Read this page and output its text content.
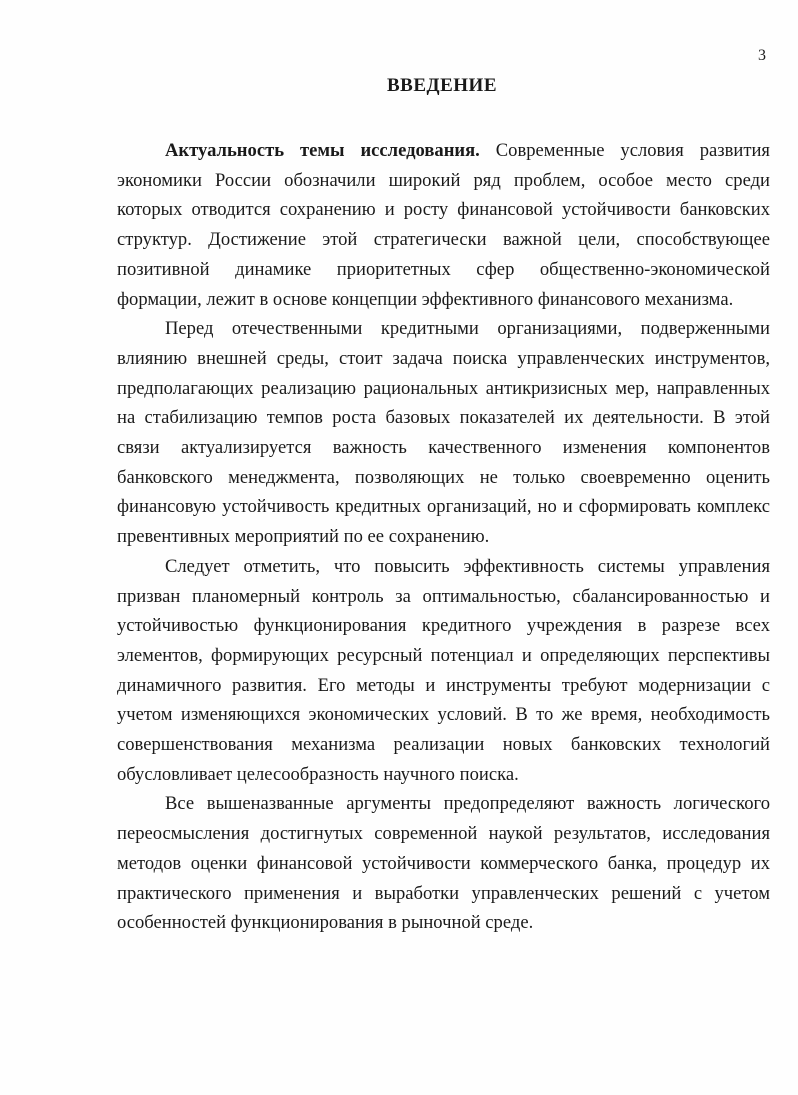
3
ВВЕДЕНИЕ

Актуальность темы исследования. Современные условия развития экономики России обозначили широкий ряд проблем, особое место среди которых отводится сохранению и росту финансовой устойчивости банковских структур. Достижение этой стратегически важной цели, способствующее позитивной динамике приоритетных сфер общественно-экономической формации, лежит в основе концепции эффективного финансового механизма.

Перед отечественными кредитными организациями, подверженными влиянию внешней среды, стоит задача поиска управленческих инструментов, предполагающих реализацию рациональных антикризисных мер, направленных на стабилизацию темпов роста базовых показателей их деятельности. В этой связи актуализируется важность качественного изменения компонентов банковского менеджмента, позволяющих не только своевременно оценить финансовую устойчивость кредитных организаций, но и сформировать комплекс превентивных мероприятий по ее сохранению.

Следует отметить, что повысить эффективность системы управления призван планомерный контроль за оптимальностью, сбалансированностью и устойчивостью функционирования кредитного учреждения в разрезе всех элементов, формирующих ресурсный потенциал и определяющих перспективы динамичного развития. Его методы и инструменты требуют модернизации с учетом изменяющихся экономических условий. В то же время, необходимость совершенствования механизма реализации новых банковских технологий обусловливает целесообразность научного поиска.

Все вышеназванные аргументы предопределяют важность логического переосмысления достигнутых современной наукой результатов, исследования методов оценки финансовой устойчивости коммерческого банка, процедур их практического применения и выработки управленческих решений с учетом особенностей функционирования в рыночной среде.
